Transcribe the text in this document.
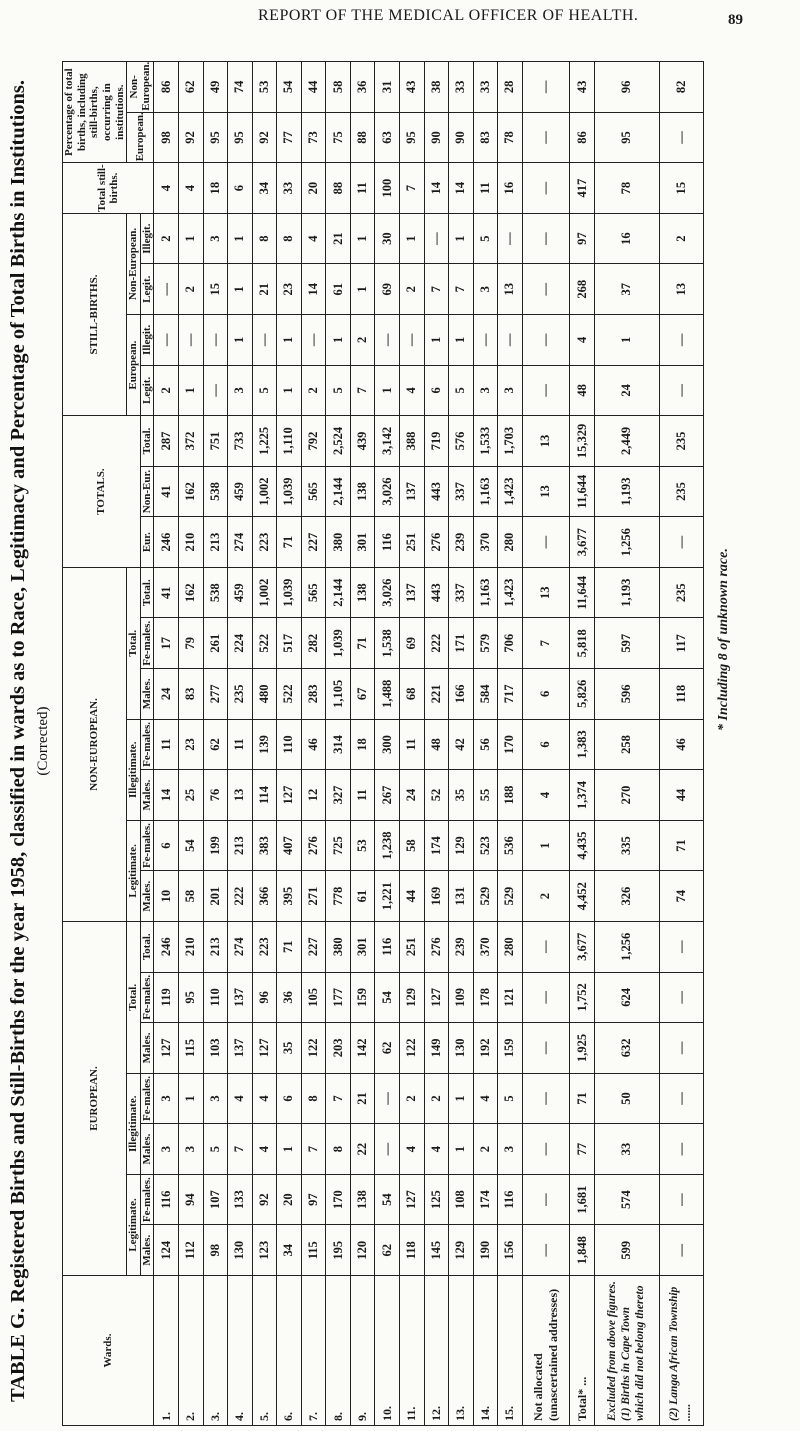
REPORT OF THE MEDICAL OFFICER OF HEALTH.	89
TABLE G. Registered Births and Still-Births for the year 1958, classified in wards as to Race, Legitimacy and Percentage of Total Births in Institutions. (Corrected)
Wards.	EUROPEAN.							NON-EUROPEAN.							TOTALS.			STILL-BIRTHS.				Total still-births.	Percentage of total births, including still-births, occurring in institutions.	
	Legitimate.		Illegitimate.		Total.			Legitimate.		Illegitimate.		Total.						European.		Non-European.			European.	Non-European.
	Males.	Fe-males.	Males.	Fe-males.	Males.	Fe-males.	Total.	Males.	Fe-males.	Males.	Fe-males.	Males.	Fe-males.	Total.	Eur.	Non-Eur.	Total.	Legit.	Illegit.	Legit.	Illegit.			
1.	124	116	3	3	127	119	246	10	6	14	11	24	17	41	246	41	287	2	—	—	2	4	98	86
2.	112	94	3	1	115	95	210	58	54	25	23	83	79	162	210	162	372	1	—	2	1	4	92	62
3.	98	107	5	3	103	110	213	201	199	76	62	277	261	538	213	538	751	—	—	15	3	18	95	49
4.	130	133	7	4	137	137	274	222	213	13	11	235	224	459	274	459	733	3	1	1	1	6	95	74
5.	123	92	4	4	127	96	223	366	383	114	139	480	522	1,002	223	1,002	1,225	5	—	21	8	34	92	53
6.	34	20	1	6	35	36	71	395	407	127	110	522	517	1,039	71	1,039	1,110	1	1	23	8	33	77	54
7.	115	97	7	8	122	105	227	271	276	12	46	283	282	565	227	565	792	2	—	14	4	20	73	44
8.	195	170	8	7	203	177	380	778	725	327	314	1,105	1,039	2,144	380	2,144	2,524	5	1	61	21	88	75	58
9.	120	138	22	21	142	159	301	61	53	11	18	67	71	138	301	138	439	7	2	1	1	11	88	36
10.	62	54	—	—	62	54	116	1,221	1,238	267	300	1,488	1,538	3,026	116	3,026	3,142	1	—	69	30	100	63	31
11.	118	127	4	2	122	129	251	44	58	24	11	68	69	137	251	137	388	4	—	2	1	7	95	43
12.	145	125	4	2	149	127	276	169	174	52	48	221	222	443	276	443	719	6	1	7	—	14	90	38
13.	129	108	1	1	130	109	239	131	129	35	42	166	171	337	239	337	576	5	1	7	1	14	90	33
14.	190	174	2	4	192	178	370	529	523	55	56	584	579	1,163	370	1,163	1,533	3	—	3	5	11	83	33
15.	156	116	3	5	159	121	280	529	536	188	170	717	706	1,423	280	1,423	1,703	3	—	13	—	16	78	28
Not allocated (unascertained addresses)	—	—	—	—	—	—	—	2	1	4	6	6	7	13	—	13	13	—	—	—	—	—	—	—
Total* ...	1,848	1,681	77	71	1,925	1,752	3,677	4,452	4,435	1,374	1,383	5,826	5,818	11,644	3,677	11,644	15,329	48	4	268	97	417	86	43
Excluded from above figures. (1) Births in Cape Town which did not belong thereto	599	574	33	50	632	624	1,256	326	335	270	258	596	597	1,193	1,256	1,193	2,449	24	1	37	16	78	95	96
(2) Langa African Township ......	—	—	—	—	—	—	—	74	71	44	46	118	117	235	—	235	235	—	—	13	2	15	—	82
* Including 8 of unknown race.
